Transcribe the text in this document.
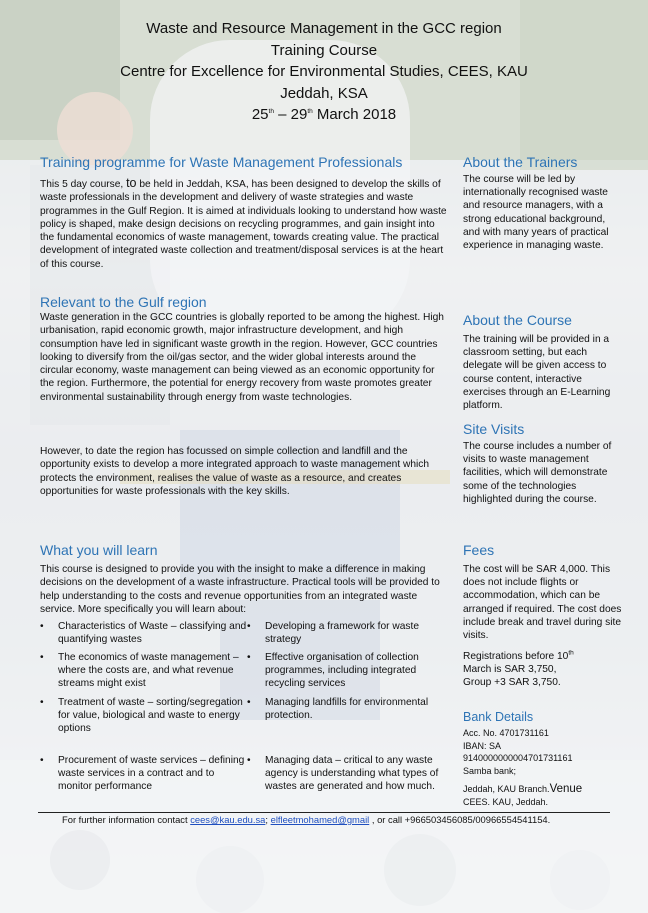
Waste and Resource Management in the GCC region
Training Course
Centre for Excellence for Environmental Studies, CEES, KAU
Jeddah, KSA
25th – 29th March 2018
Training programme for Waste Management Professionals
This 5 day course, to be held in Jeddah, KSA, has been designed to develop the skills of waste professionals in the development and delivery of waste strategies and waste programmes in the Gulf Region. It is aimed at individuals looking to understand how waste policy is shaped, make design decisions on recycling programmes, and gain insight into the fundamental economics of waste management, towards creating value. The practical development of integrated waste collection and treatment/disposal services is at the heart of this course.
Relevant to the Gulf region
Waste generation in the GCC countries is globally reported to be among the highest. High urbanisation, rapid economic growth, major infrastructure development, and high consumption have led in significant waste growth in the region. However, GCC countries looking to diversify from the oil/gas sector, and the wider global interests around the circular economy, waste management can being viewed as an economic opportunity for the region. Furthermore, the potential for energy recovery from waste promotes greater environmental sustainability through energy from waste technologies.
However, to date the region has focussed on simple collection and landfill and the opportunity exists to develop a more integrated approach to waste management which protects the environment, realises the value of waste as a resource, and creates opportunities for waste professionals with the key skills.
What you will learn
This course is designed to provide you with the insight to make a difference in making decisions on the development of a waste infrastructure. Practical tools will be provided to help understanding to the costs and revenue opportunities from an integrated waste service. More specifically you will learn about:
• Characteristics of Waste – classifying and quantifying wastes
• The economics of waste management – where the costs are, and what revenue streams might exist
• Treatment of waste – sorting/segregation for value, biological and waste to energy options
• Procurement of waste services – defining waste services in a contract and to monitor performance
• Developing a framework for waste strategy
• Effective organisation of collection programmes, including integrated recycling services
• Managing landfills for environmental protection.
• Managing data – critical to any waste agency is understanding what types of wastes are generated and how much.
About the Trainers
The course will be led by internationally recognised waste and resource managers, with a strong educational background, and with many years of practical experience in managing waste.
About the Course
The training will be provided in a classroom setting, but each delegate will be given access to course content, interactive exercises through an E-Learning platform.
Site Visits
The course includes a number of visits to waste management facilities, which will demonstrate some of the technologies highlighted during the course.
Fees
The cost will be SAR 4,000. This does not include flights or accommodation, which can be arranged if required. The cost does include break and travel during site visits.
Registrations before 10th
March is SAR 3,750,
Group +3 SAR 3,750.
Bank Details
Acc. No. 4701731161
IBAN: SA
9140000000004701731161
Samba bank;
Jeddah, KAU Branch.Venue
CEES. KAU, Jeddah.
For further information contact cees@kau.edu.sa; elfleetmohamed@gmail , or call +966503456085/00966554541154.
